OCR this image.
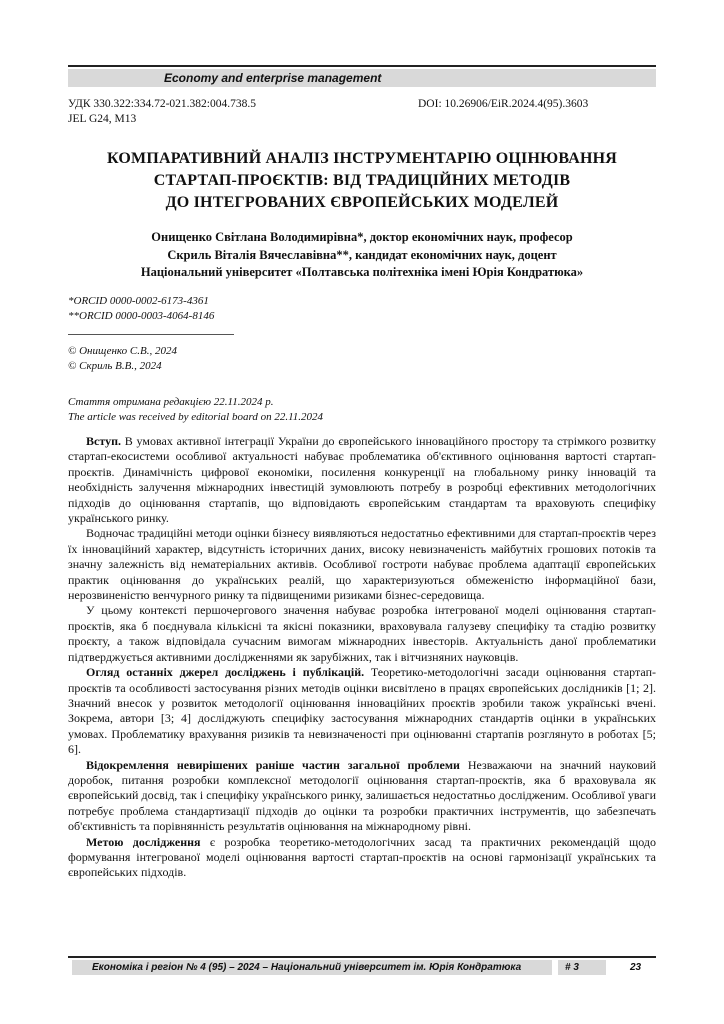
Economy and enterprise management
УДК 330.322:334.72-021.382:004.738.5	DOI: 10.26906/EiR.2024.4(95).3603
JEL G24, M13
КОМПАРАТИВНИЙ АНАЛІЗ ІНСТРУМЕНТАРІЮ ОЦІНЮВАННЯ
СТАРТАП-ПРОЄКТІВ: ВІД ТРАДИЦІЙНИХ МЕТОДІВ
ДО ІНТЕГРОВАНИХ ЄВРОПЕЙСЬКИХ МОДЕЛЕЙ
Онищенко Світлана Володимирівна*, доктор економічних наук, професор
Скриль Віталія Вячеславівна**, кандидат економічних наук, доцент
Національний університет «Полтавська політехніка імені Юрія Кондратюка»
*ORCID 0000-0002-6173-4361
**ORCID 0000-0003-4064-8146
© Онищенко С.В., 2024
© Скриль В.В., 2024
Стаття отримана редакцією 22.11.2024 р.
The article was received by editorial board on 22.11.2024

Вступ. В умовах активної інтеграції України до європейського інноваційного простору та стрімкого розвитку стартап-екосистеми особливої актуальності набуває проблематика об'єктивного оцінювання вартості стартап-проєктів. Динамічність цифрової економіки, посилення конкуренції на глобальному ринку інновацій та необхідність залучення міжнародних інвестицій зумовлюють потребу в розробці ефективних методологічних підходів до оцінювання стартапів, що відповідають європейським стандартам та враховують специфіку українського ринку.

Водночас традиційні методи оцінки бізнесу виявляються недостатньо ефективними для стартап-проєктів через їх інноваційний характер, відсутність історичних даних, високу невизначеність майбутніх грошових потоків та значну залежність від нематеріальних активів. Особливої гостроти набуває проблема адаптації європейських практик оцінювання до українських реалій, що характеризуються обмеженістю інформаційної бази, нерозвиненістю венчурного ринку та підвищеними ризиками бізнес-середовища.

У цьому контексті першочергового значення набуває розробка інтегрованої моделі оцінювання стартап-проєктів, яка б поєднувала кількісні та якісні показники, враховувала галузеву специфіку та стадію розвитку проєкту, а також відповідала сучасним вимогам міжнародних інвесторів. Актуальність даної проблематики підтверджується активними дослідженнями як зарубіжних, так і вітчизняних науковців.

Огляд останніх джерел досліджень і публікацій. Теоретико-методологічні засади оцінювання стартап-проєктів та особливості застосування різних методів оцінки висвітлено в працях європейських дослідників [1; 2]. Значний внесок у розвиток методології оцінювання інноваційних проєктів зробили також українські вчені. Зокрема, автори [3; 4] досліджують специфіку застосування міжнародних стандартів оцінки в українських умовах. Проблематику врахування ризиків та невизначеності при оцінюванні стартапів розглянуто в роботах [5; 6].

Відокремлення невирішених раніше частин загальної проблеми Незважаючи на значний науковий доробок, питання розробки комплексної методології оцінювання стартап-проєктів, яка б враховувала як європейський досвід, так і специфіку українського ринку, залишається недостатньо дослідженим. Особливої уваги потребує проблема стандартизації підходів до оцінки та розробки практичних інструментів, що забезпечать об'єктивність та порівнянність результатів оцінювання на міжнародному рівні.

Метою дослідження є розробка теоретико-методологічних засад та практичних рекомендацій щодо формування інтегрованої моделі оцінювання вартості стартап-проєктів на основі гармонізації українських та європейських підходів.

Економіка і регіон № 4 (95) – 2024 – Національний університет ім. Юрія Кондратюка	# 3	23
